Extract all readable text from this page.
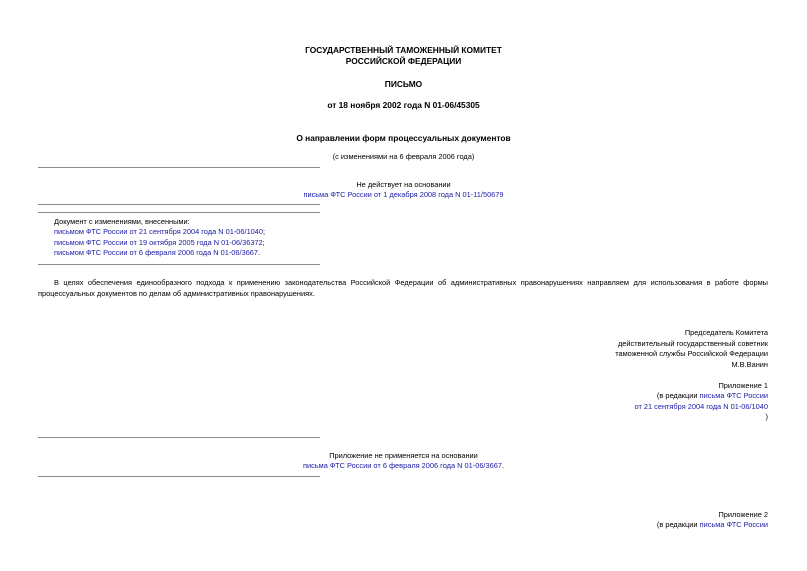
ГОСУДАРСТВЕННЫЙ ТАМОЖЕННЫЙ КОМИТЕТ
РОССИЙСКОЙ ФЕДЕРАЦИИ
ПИСЬМО
от 18 ноября 2002 года N 01-06/45305
О направлении форм процессуальных документов
(с изменениями на 6 февраля 2006 года)
Не действует на основании
письма ФТС России от 1 декабря 2008 года N 01-11/50679
Документ с изменениями, внесенными:
письмом ФТС России от 21 сентября 2004 года N 01-06/1040;
письмом ФТС России от 19 октября 2005 года N 01-06/36372;
письмом ФТС России от 6 февраля 2006 года N 01-06/3667.
В целях обеспечения единообразного подхода к применению законодательства Российской Федерации об административных правонарушениях направляем для использования в работе формы процессуальных документов по делам об административных правонарушениях.
Председатель Комитета
действительный государственный советник
таможенной службы Российской Федерации
М.В.Ванин
Приложение 1
(в редакции письма ФТС России
от 21 сентября 2004 года N 01-06/1040
)
Приложение не применяется на основании
письма ФТС России от 6 февраля 2006 года N 01-06/3667.
Приложение 2
(в редакции письма ФТС России
